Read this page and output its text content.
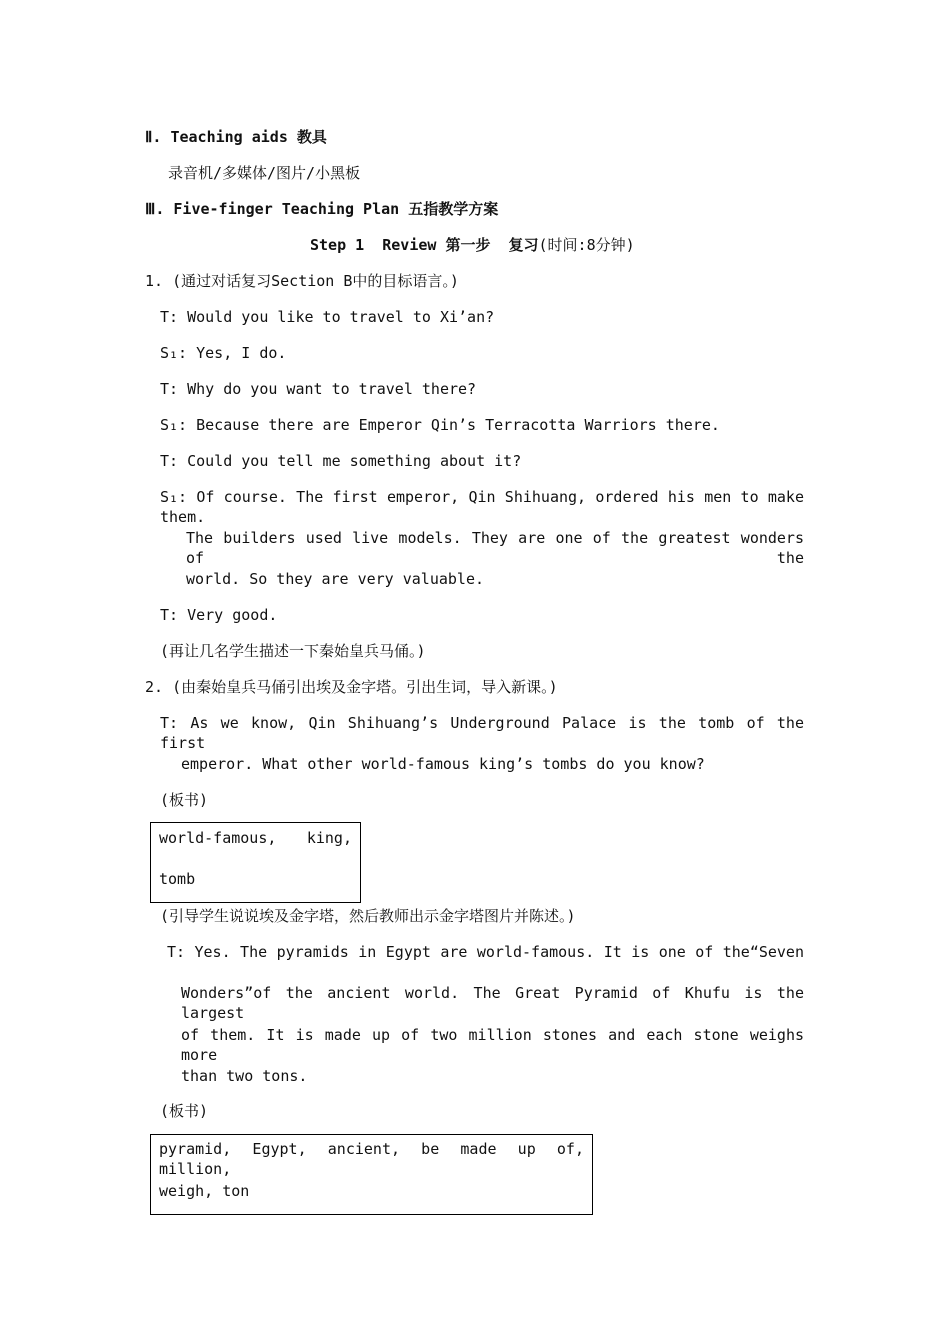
Ⅱ. Teaching aids 教具
录音机/多媒体/图片/小黑板
Ⅲ. Five-finger Teaching Plan 五指教学方案
Step 1  Review 第一步  复习(时间:8分钟)
1. (通过对话复习Section B中的目标语言。)
T: Would you like to travel to Xi’an?
S₁: Yes, I do.
T: Why do you want to travel there?
S₁: Because there are Emperor Qin’s Terracotta Warriors there.
T: Could you tell me something about it?
S₁: Of course. The first emperor, Qin Shihuang, ordered his men to make them.
The builders used live models. They are one of the greatest wonders of the
world. So they are very valuable.
T: Very good.
(再让几名学生描述一下秦始皇兵马俑。)
2. (由秦始皇兵马俑引出埃及金字塔。引出生词，导入新课。)
T: As we know, Qin Shihuang’s Underground Palace is the tomb of the first
emperor. What other world-famous king’s tombs do you know?
(板书)
world-famous, king,
tomb
(引导学生说说埃及金字塔，然后教师出示金字塔图片并陈述。)
T: Yes. The pyramids in Egypt are world-famous. It is one of the“Seven
Wonders”of the ancient world. The Great Pyramid of Khufu is the largest
of them. It is made up of two million stones and each stone weighs more
than two tons.
(板书)
pyramid, Egypt, ancient, be made up of, million,
weigh, ton
